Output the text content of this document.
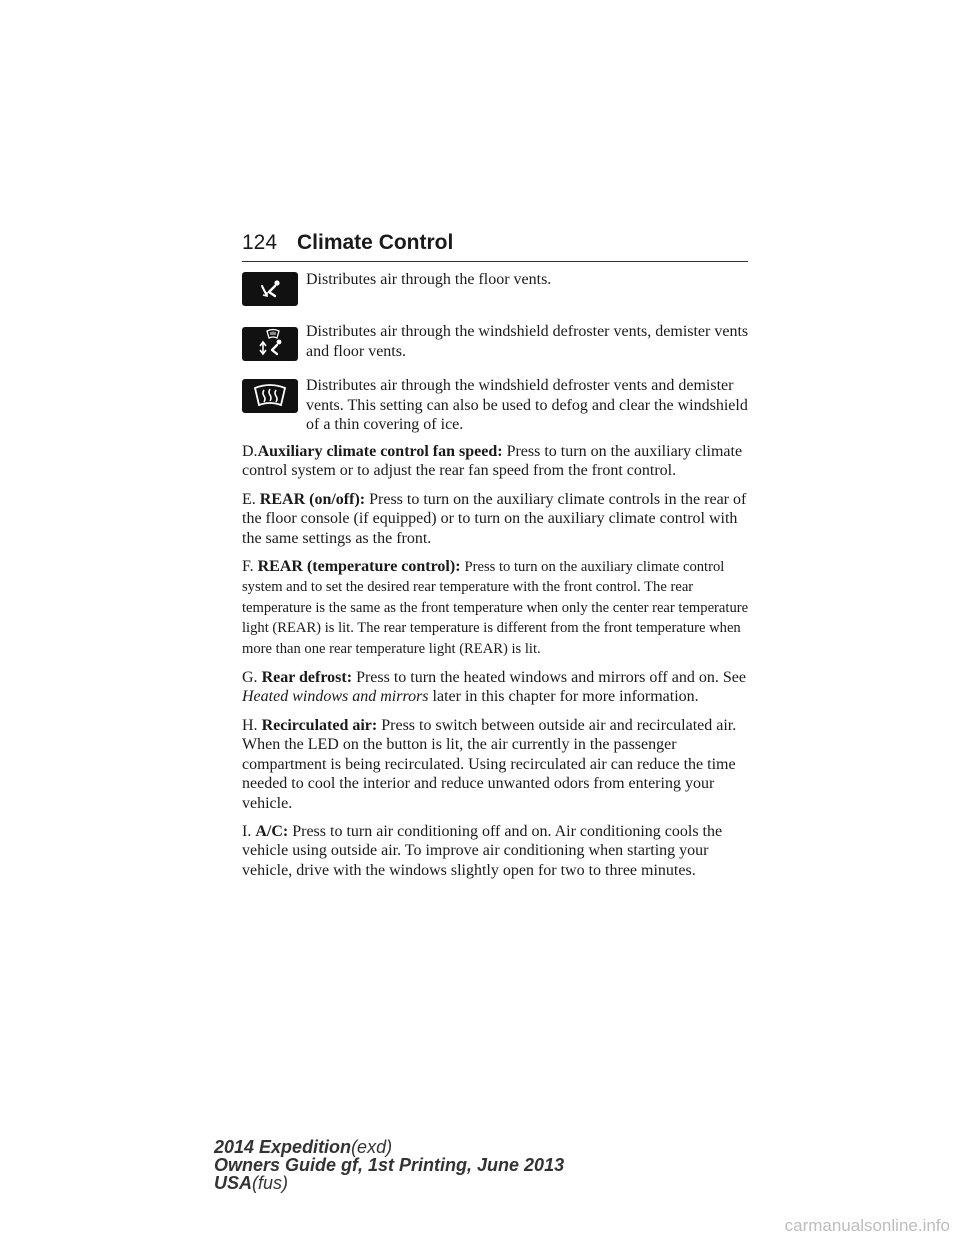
124 Climate Control
Distributes air through the floor vents.
Distributes air through the windshield defroster vents, demister vents and floor vents.
Distributes air through the windshield defroster vents and demister vents. This setting can also be used to defog and clear the windshield of a thin covering of ice.

D.Auxiliary climate control fan speed: Press to turn on the auxiliary climate control system or to adjust the rear fan speed from the front control.

E. REAR (on/off): Press to turn on the auxiliary climate controls in the rear of the floor console (if equipped) or to turn on the auxiliary climate control with the same settings as the front.

F. REAR (temperature control): Press to turn on the auxiliary climate control system and to set the desired rear temperature with the front control. The rear temperature is the same as the front temperature when only the center rear temperature light (REAR) is lit. The rear temperature is different from the front temperature when more than one rear temperature light (REAR) is lit.

G. Rear defrost: Press to turn the heated windows and mirrors off and on. See Heated windows and mirrors later in this chapter for more information.

H. Recirculated air: Press to switch between outside air and recirculated air. When the LED on the button is lit, the air currently in the passenger compartment is being recirculated. Using recirculated air can reduce the time needed to cool the interior and reduce unwanted odors from entering your vehicle.

I. A/C: Press to turn air conditioning off and on. Air conditioning cools the vehicle using outside air. To improve air conditioning when starting your vehicle, drive with the windows slightly open for two to three minutes.

2014 Expedition(exd)
Owners Guide gf, 1st Printing, June 2013
USA(fus)
carmanualsonline.info
